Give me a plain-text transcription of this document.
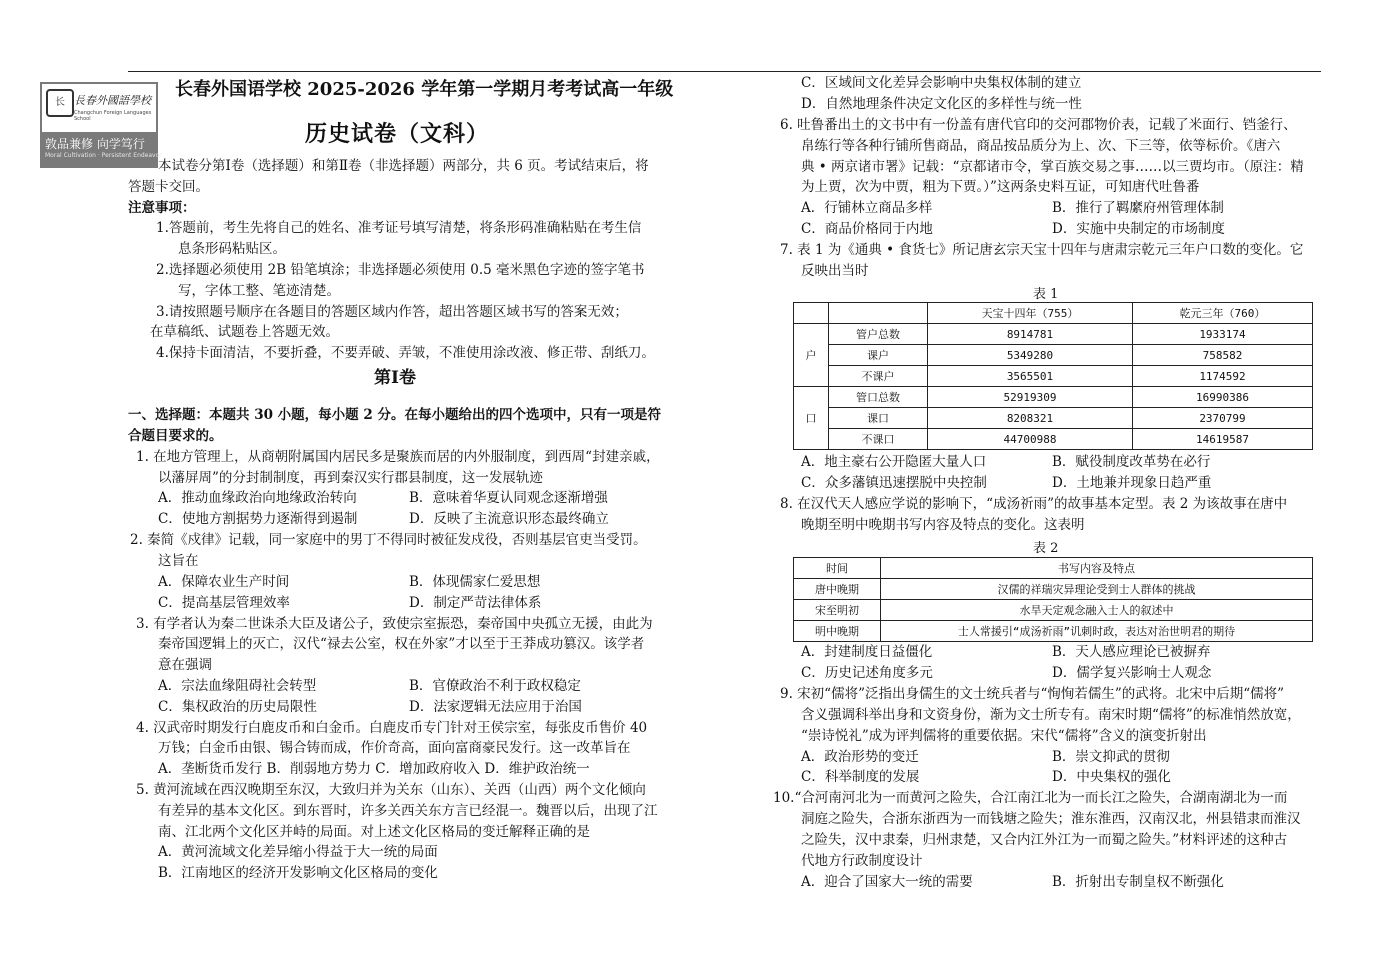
长 長春外國語學校
Changchun Foreign Languages School
敦品兼修 向学笃行
Moral Cultivation · Persistent Endeavor
长春外国语学校 2025-2026 学年第一学期月考考试高一年级
历史试卷（文科）
本试卷分第Ⅰ卷（选择题）和第Ⅱ卷（非选择题）两部分，共 6 页。考试结束后，将
答题卡交回。
注意事项：
1.答题前，考生先将自己的姓名、准考证号填写清楚，将条形码准确粘贴在考生信
息条形码粘贴区。
2.选择题必须使用 2B 铅笔填涂；非选择题必须使用 0.5 毫米黑色字迹的签字笔书
写，字体工整、笔迹清楚。
3.请按照题号顺序在各题目的答题区域内作答，超出答题区域书写的答案无效；
在草稿纸、试题卷上答题无效。
4.保持卡面清洁，不要折叠，不要弄破、弄皱，不准使用涂改液、修正带、刮纸刀。
第Ⅰ卷
一、选择题：本题共 30 小题，每小题 2 分。在每小题给出的四个选项中，只有一项是符
合题目要求的。
1. 在地方管理上，从商朝附属国内居民多是聚族而居的内外服制度，到西周“封建亲戚，
以藩屏周”的分封制制度，再到秦汉实行郡县制度，这一发展轨迹
A．推动血缘政治向地缘政治转向	B．意味着华夏认同观念逐渐增强
C．使地方割据势力逐渐得到遏制	D．反映了主流意识形态最终确立
2. 秦简《戍律》记载，同一家庭中的男丁不得同时被征发戍役，否则基层官吏当受罚。
这旨在
A．保障农业生产时间	B．体现儒家仁爱思想
C．提高基层管理效率	D．制定严苛法律体系
3. 有学者认为秦二世诛杀大臣及诸公子，致使宗室振恐，秦帝国中央孤立无援，由此为
秦帝国逻辑上的灭亡，汉代“禄去公室，权在外家”才以至于王莽成功篡汉。该学者
意在强调
A．宗法血缘阻碍社会转型	B．官僚政治不利于政权稳定
C．集权政治的历史局限性	D．法家逻辑无法应用于治国
4. 汉武帝时期发行白鹿皮币和白金币。白鹿皮币专门针对王侯宗室，每张皮币售价 40
万钱；白金币由银、锡合铸而成，作价奇高，面向富商豪民发行。这一改革旨在
A．垄断货币发行 B．削弱地方势力 C．增加政府收入 D．维护政治统一
5. 黄河流域在西汉晚期至东汉，大致归并为关东（山东）、关西（山西）两个文化倾向
有差异的基本文化区。到东晋时，许多关西关东方言已经混一。魏晋以后，出现了江
南、江北两个文化区并峙的局面。对上述文化区格局的变迁解释正确的是
A．黄河流域文化差异缩小得益于大一统的局面
B．江南地区的经济开发影响文化区格局的变化
C．区域间文化差异会影响中央集权体制的建立
D．自然地理条件决定文化区的多样性与统一性
6. 吐鲁番出土的文书中有一份盖有唐代官印的交河郡物价表，记载了米面行、铛釜行、
帛练行等各种行铺所售商品，商品按品质分为上、次、下三等，依等标价。《唐六
典 • 两京诸市署》记载：“京都诸市令，掌百族交易之事……以三贾均市。（原注：精
为上贾，次为中贾，粗为下贾。）”这两条史料互证，可知唐代吐鲁番
A．行铺林立商品多样	B．推行了羁縻府州管理体制
C．商品价格同于内地	D．实施中央制定的市场制度
7. 表 1 为《通典 • 食货七》所记唐玄宗天宝十四年与唐肃宗乾元三年户口数的变化。它
反映出当时
表 1
		天宝十四年（755）	乾元三年（760）
户	管户总数	8914781	1933174
	课户	5349280	758582
	不课户	3565501	1174592
口	管口总数	52919309	16990386
	课口	8208321	2370799
	不课口	44700988	14619587
A．地主豪右公开隐匿大量人口	B．赋役制度改革势在必行
C．众多藩镇迅速摆脱中央控制	D．土地兼并现象日趋严重
8. 在汉代天人感应学说的影响下，“成汤祈雨”的故事基本定型。表 2 为该故事在唐中
晚期至明中晚期书写内容及特点的变化。这表明
表 2
时间	书写内容及特点
唐中晚期	汉儒的祥瑞灾异理论受到士人群体的挑战
宋至明初	水旱天定观念融入士人的叙述中
明中晚期	士人常援引“成汤祈雨”讥刺时政，表达对治世明君的期待
A．封建制度日益僵化	B．天人感应理论已被摒弃
C．历史记述角度多元	D．儒学复兴影响士人观念
9. 宋初“儒将”泛指出身儒生的文士统兵者与“恂恂若儒生”的武将。北宋中后期“儒将”
含义强调科举出身和文资身份，渐为文士所专有。南宋时期“儒将”的标准悄然放宽，
“崇诗悦礼”成为评判儒将的重要依据。宋代“儒将”含义的演变折射出
A．政治形势的变迁	B．崇文抑武的贯彻
C．科举制度的发展	D．中央集权的强化
10.“合河南河北为一而黄河之险失，合江南江北为一而长江之险失，合湖南湖北为一而
洞庭之险失，合浙东浙西为一而钱塘之险失；淮东淮西，汉南汉北，州县错隶而淮汉
之险失，汉中隶秦，归州隶楚，又合内江外江为一而蜀之险失。”材料评述的这种古
代地方行政制度设计
A．迎合了国家大一统的需要	B．折射出专制皇权不断强化
